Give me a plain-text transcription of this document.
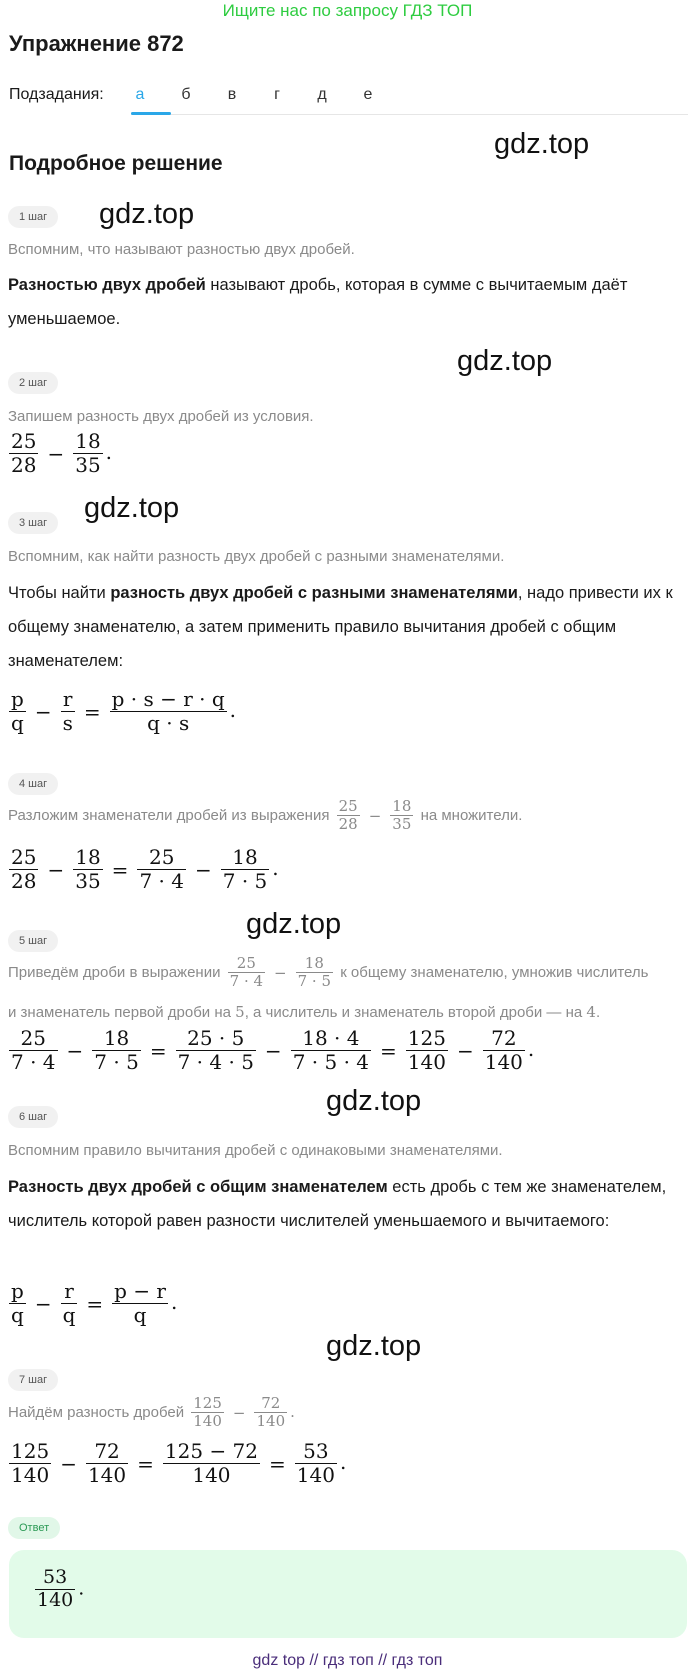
Ищите нас по запросу ГДЗ ТОП
Упражнение 872
Подзадания:	а	б	в	г	д	е
Подробное решение
gdz.top
gdz.top
gdz.top
gdz.top
gdz.top
gdz.top
gdz.top
1 шаг
Вспомним, что называют разностью двух дробей.
Разностью двух дробей называют дробь, которая в сумме с вычитаемым даёт уменьшаемое.
2 шаг
Запишем разность двух дробей из условия.
$\frac{25}{28} - \frac{18}{35}$ .
3 шаг
Вспомним, как найти разность двух дробей с разными знаменателями.
Чтобы найти разность двух дробей с разными знаменателями, надо привести их к общему знаменателю, а затем применить правило вычитания дробей с общим знаменателем:
$\frac{p}{q} - \frac{r}{s} = \frac{p \cdot s - r \cdot q}{q \cdot s}$ .
4 шаг
Разложим знаменатели дробей из выражения $\frac{25}{28} - \frac{18}{35}$ на множители.
$\frac{25}{28} - \frac{18}{35} = \frac{25}{7 \cdot 4} - \frac{18}{7 \cdot 5}$ .
5 шаг
Приведём дроби в выражении $\frac{25}{7 \cdot 4} - \frac{18}{7 \cdot 5}$ к общему знаменателю, умножив числитель
и знаменатель первой дроби на 5, а числитель и знаменатель второй дроби — на 4.
$\frac{25}{7 \cdot 4} - \frac{18}{7 \cdot 5} = \frac{25 \cdot 5}{7 \cdot 4 \cdot 5} - \frac{18 \cdot 4}{7 \cdot 5 \cdot 4} = \frac{125}{140} - \frac{72}{140}$ .
6 шаг
Вспомним правило вычитания дробей с одинаковыми знаменателями.
Разность двух дробей с общим знаменателем есть дробь с тем же знаменателем, числитель которой равен разности числителей уменьшаемого и вычитаемого:
$\frac{p}{q} - \frac{r}{q} = \frac{p - r}{q}$ .
7 шаг
Найдём разность дробей $\frac{125}{140} - \frac{72}{140}$ .
$\frac{125}{140} - \frac{72}{140} = \frac{125 - 72}{140} = \frac{53}{140}$ .
Ответ
$\frac{53}{140}$ .
gdz top // гдз топ // гдз топ
